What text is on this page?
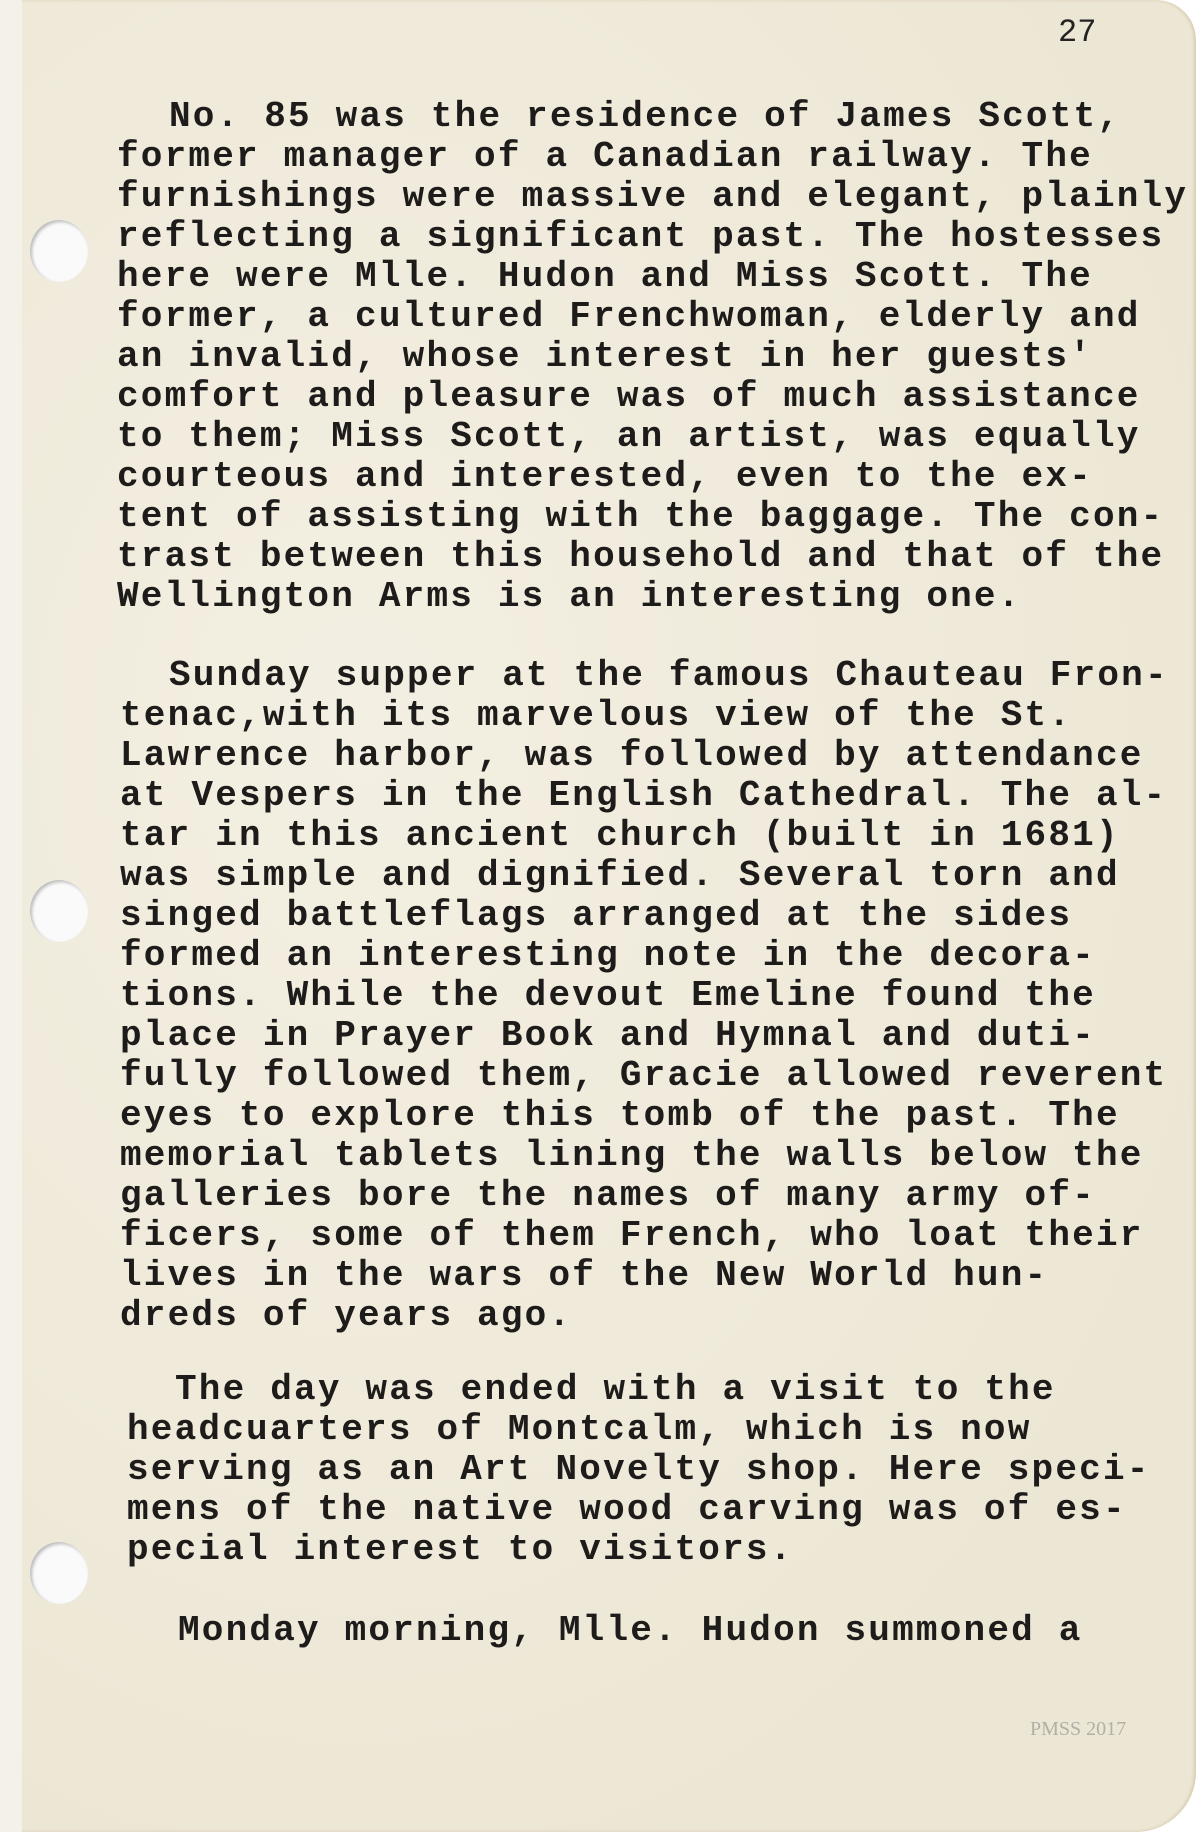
27
No. 85 was the residence of James Scott,
former manager of a Canadian railway. The
furnishings were massive and elegant, plainly
reflecting a significant past. The hostesses
here were Mlle. Hudon and Miss Scott. The
former, a cultured Frenchwoman, elderly and
an invalid, whose interest in her guests'
comfort and pleasure was of much assistance
to them; Miss Scott, an artist, was equally
courteous and interested, even to the ex-
tent of assisting with the baggage. The con-
trast between this household and that of the
Wellington Arms is an interesting one.
Sunday supper at the famous Chauteau Fron-
tenac,with its marvelous view of the St.
Lawrence harbor, was followed by attendance
at Vespers in the English Cathedral. The al-
tar in this ancient church (built in 1681)
was simple and dignified. Several torn and
singed battleflags arranged at the sides
formed an interesting note in the decora-
tions. While the devout Emeline found the
place in Prayer Book and Hymnal and duti-
fully followed them, Gracie allowed reverent
eyes to explore this tomb of the past. The
memorial tablets lining the walls below the
galleries bore the names of many army of-
ficers, some of them French, who loat their
lives in the wars of the New World hun-
dreds of years ago.
The day was ended with a visit to the
headcuarters of Montcalm, which is now
serving as an Art Novelty shop. Here speci-
mens of the native wood carving was of es-
pecial interest to visitors.
Monday morning, Mlle. Hudon summoned a
PMSS 2017
